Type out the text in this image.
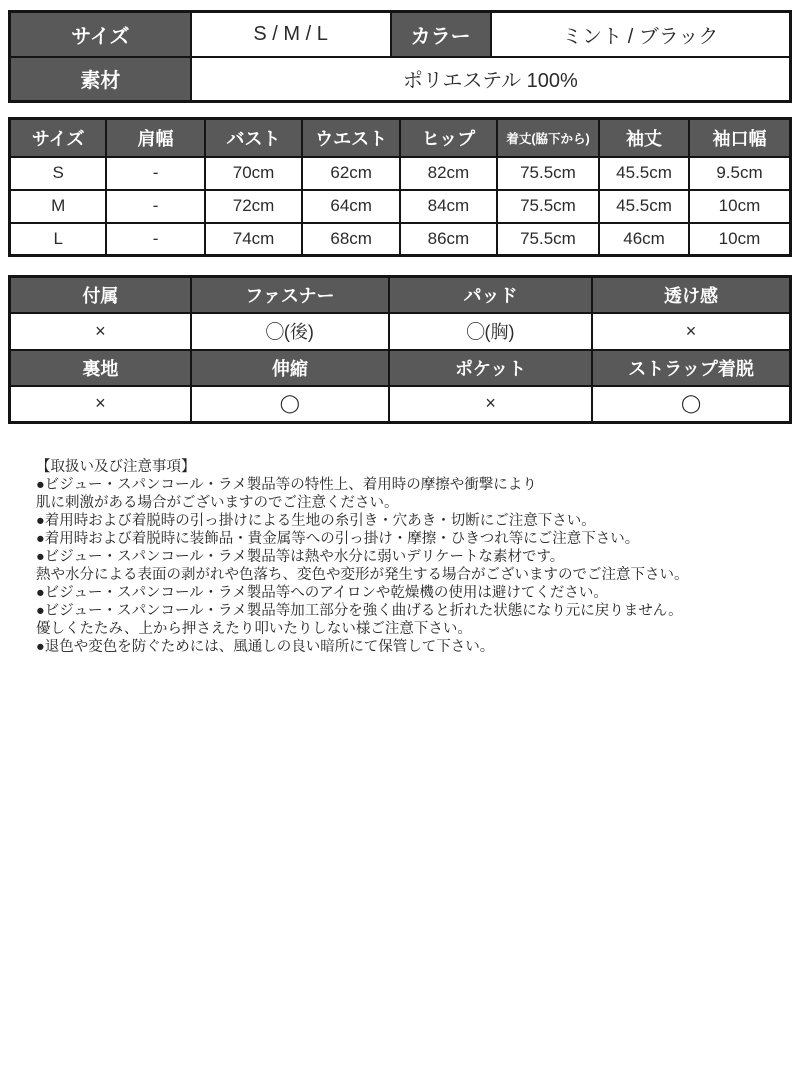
サイズ	S / M / L	カラー	ミント / ブラック
素材	ポリエステル 100%		
サイズ	肩幅	バスト	ウエスト	ヒップ	着丈(脇下から)	袖丈	袖口幅
S	-	70cm	62cm	82cm	75.5cm	45.5cm	9.5cm
M	-	72cm	64cm	84cm	75.5cm	45.5cm	10cm
L	-	74cm	68cm	86cm	75.5cm	46cm	10cm
付属	ファスナー	パッド	透け感
×	◯(後)	◯(胸)	×
裏地	伸縮	ポケット	ストラップ着脱
×	◯	×	◯
【取扱い及び注意事項】
●ビジュー・スパンコール・ラメ製品等の特性上、着用時の摩擦や衝撃により
肌に刺激がある場合がございますのでご注意ください。
●着用時および着脱時の引っ掛けによる生地の糸引き・穴あき・切断にご注意下さい。
●着用時および着脱時に装飾品・貴金属等への引っ掛け・摩擦・ひきつれ等にご注意下さい。
●ビジュー・スパンコール・ラメ製品等は熱や水分に弱いデリケートな素材です。
熱や水分による表面の剥がれや色落ち、変色や変形が発生する場合がございますのでご注意下さい。
●ビジュー・スパンコール・ラメ製品等へのアイロンや乾燥機の使用は避けてください。
●ビジュー・スパンコール・ラメ製品等加工部分を強く曲げると折れた状態になり元に戻りません。
優しくたたみ、上から押さえたり叩いたりしない様ご注意下さい。
●退色や変色を防ぐためには、風通しの良い暗所にて保管して下さい。
